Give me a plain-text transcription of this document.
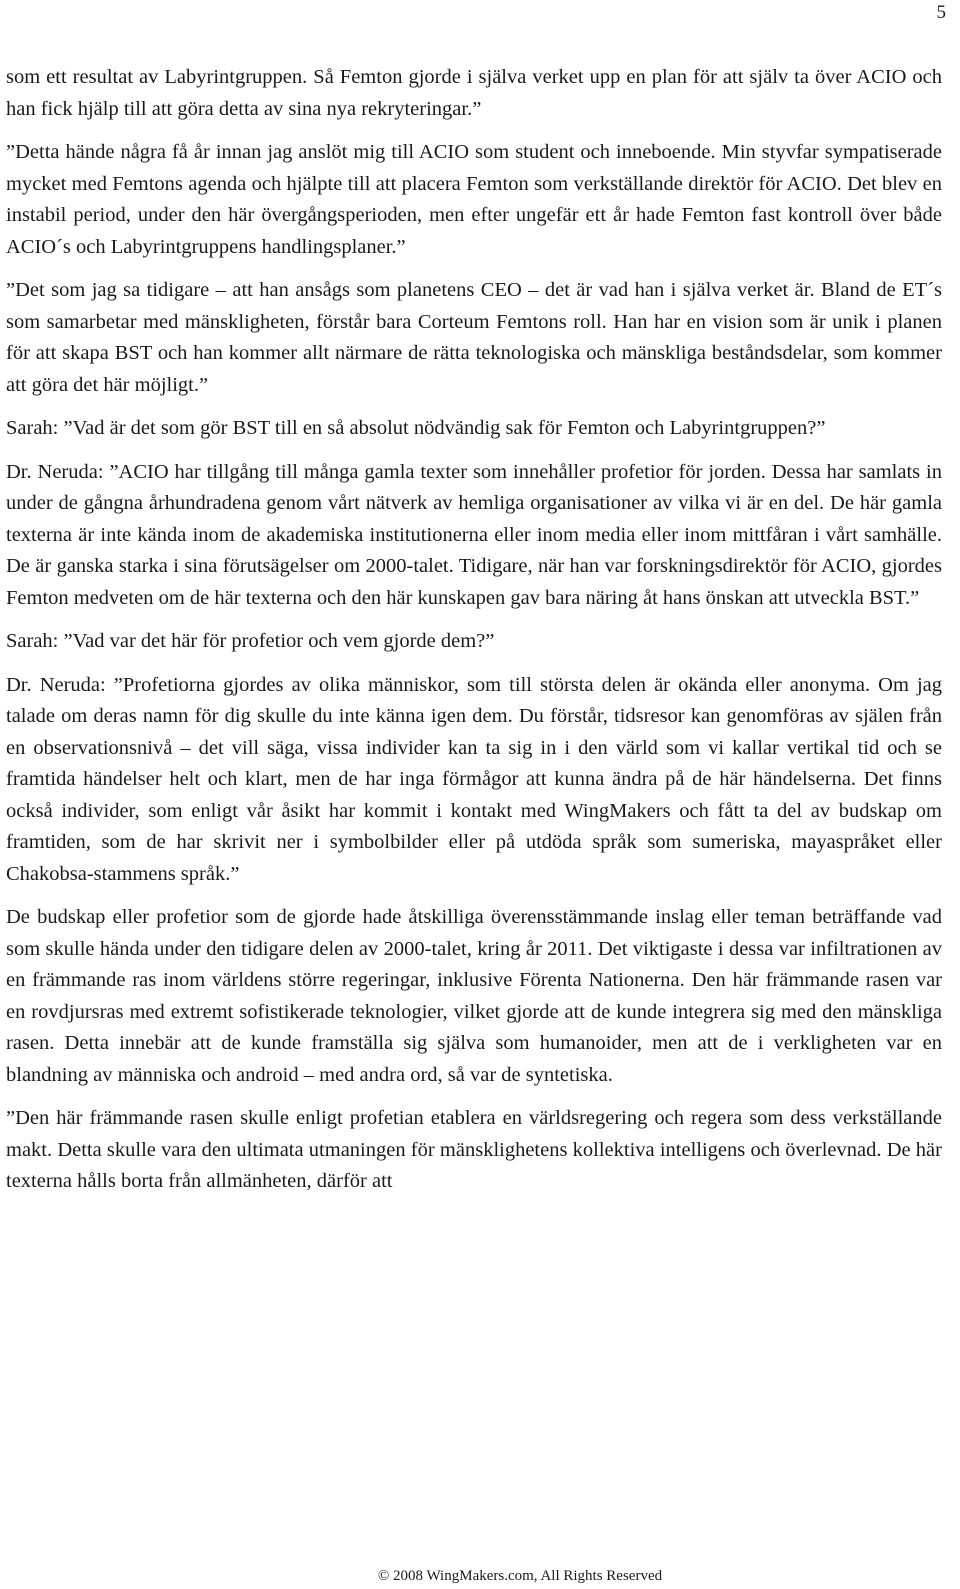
5

som ett resultat av Labyrintgruppen. Så Femton gjorde i själva verket upp en plan för att själv ta över ACIO och han fick hjälp till att göra detta av sina nya rekryteringar.”

”Detta hände några få år innan jag anslöt mig till ACIO som student och inneboende. Min styvfar sympatiserade mycket med Femtons agenda och hjälpte till att placera Femton som verkställande direktör för ACIO. Det blev en instabil period, under den här övergångsperioden, men efter ungefär ett år hade Femton fast kontroll över både ACIO´s och Labyrintgruppens handlingsplaner.”

”Det som jag sa tidigare – att han ansågs som planetens CEO – det är vad han i själva verket är. Bland de ET´s som samarbetar med mänskligheten, förstår bara Corteum Femtons roll. Han har en vision som är unik i planen för att skapa BST och han kommer allt närmare de rätta teknologiska och mänskliga beståndsdelar, som kommer att göra det här möjligt.”

Sarah: ”Vad är det som gör BST till en så absolut nödvändig sak för Femton och Labyrintgruppen?”

Dr. Neruda: ”ACIO har tillgång till många gamla texter som innehåller profetior för jorden. Dessa har samlats in under de gångna århundradena genom vårt nätverk av hemliga organisationer av vilka vi är en del. De här gamla texterna är inte kända inom de akademiska institutionerna eller inom media eller inom mittfåran i vårt samhälle. De är ganska starka i sina förutsägelser om 2000-talet. Tidigare, när han var forskningsdirektör för ACIO, gjordes Femton medveten om de här texterna och den här kunskapen gav bara näring åt hans önskan att utveckla BST.”

Sarah: ”Vad var det här för profetior och vem gjorde dem?”

Dr. Neruda: ”Profetiorna gjordes av olika människor, som till största delen är okända eller anonyma. Om jag talade om deras namn för dig skulle du inte känna igen dem. Du förstår, tidsresor kan genomföras av själen från en observationsnivå – det vill säga, vissa individer kan ta sig in i den värld som vi kallar vertikal tid och se framtida händelser helt och klart, men de har inga förmågor att kunna ändra på de här händelserna. Det finns också individer, som enligt vår åsikt har kommit i kontakt med WingMakers och fått ta del av budskap om framtiden, som de har skrivit ner i symbolbilder eller på utdöda språk som sumeriska, mayaspråket eller Chakobsa-stammens språk.”

De budskap eller profetior som de gjorde hade åtskilliga överensstämmande inslag eller teman beträffande vad som skulle hända under den tidigare delen av 2000-talet, kring år 2011. Det viktigaste i dessa var infiltrationen av en främmande ras inom världens större regeringar, inklusive Förenta Nationerna. Den här främmande rasen var en rovdjursras med extremt sofistikerade teknologier, vilket gjorde att de kunde integrera sig med den mänskliga rasen. Detta innebär att de kunde framställa sig själva som humanoider, men att de i verkligheten var en blandning av människa och android – med andra ord, så var de syntetiska.

”Den här främmande rasen skulle enligt profetian etablera en världsregering och regera som dess verkställande makt. Detta skulle vara den ultimata utmaningen för mänsklighetens kollektiva intelligens och överlevnad. De här texterna hålls borta från allmänheten, därför att

© 2008 WingMakers.com, All Rights Reserved
